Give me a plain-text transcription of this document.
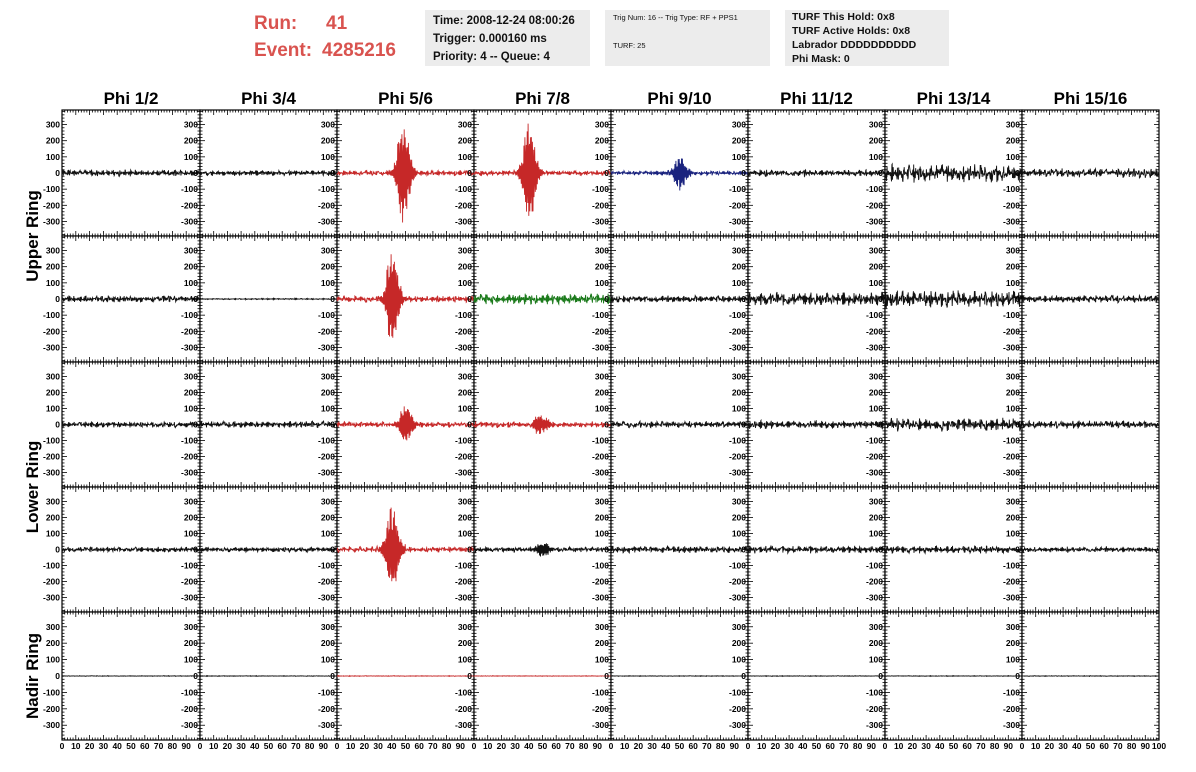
Run: 41
Event: 4285216
Time: 2008-12-24 08:00:26
Trigger: 0.000160 ms
Priority: 4 -- Queue: 4
Trig Num: 16 -- Trig Type: RF + PPS1
TURF: 25
TURF This Hold: 0x8
TURF Active Holds: 0x8
Labrador DDDDDDDDDD
Phi Mask: 0
Phi 1/2	Phi 3/4	Phi 5/6	Phi 7/8	Phi 9/10	Phi 11/12	Phi 13/14	Phi 15/16
Upper Ring
Lower Ring
Nadir Ring
300
200
100
0
-100
-200
-300
300
200
100
0
-100
-200
-300
300
200
100
0
-100
-200
-300
300
200
100
0
-100
-200
-300
300
200
100
0
-100
-200
-300
300
200
100
0
-100
-200
-300
300
200
100
0
-100
-200
-300
300
200
100
0
-100
-200
-300
300
200
100
0
-100
-200
-300
300
200
100
0
-100
-200
-300
300
200
100
0
-100
-200
-300
300
200
100
0
-100
-200
-300
300
200
100
0
-100
-200
-300
300
200
100
0
-100
-200
-300
300
200
100
0
-100
-200
-300
300
200
100
0
-100
-200
-300
300
200
100
0
-100
-200
-300
300
200
100
0
-100
-200
-300
300
200
100
0
-100
-200
-300
300
200
100
0
-100
-200
-300
300
200
100
0
-100
-200
-300
300
200
100
0
-100
-200
-300
300
200
100
0
-100
-200
-300
300
200
100
0
-100
-200
-300
300
200
100
0
-100
-200
-300
300
200
100
0
-100
-200
-300
300
200
100
0
-100
-200
-300
300
200
100
0
-100
-200
-300
300
200
100
0
-100
-200
-300
300
200
100
0
-100
-200
-300
300
200
100
0
-100
-200
-300
300
200
100
0
-100
-200
-300
300
200
100
0
-100
-200
-300
300
200
100
0
-100
-200
-300
300
200
100
0
-100
-200
-300
300
200
100
0
-100
-200
-300
300
200
100
0
-100
-200
-300
300
200
100
0
-100
-200
-300
300
200
100
0
-100
-200
-300
300
200
100
0
-100
-200
-300
0 10 20 30 40 50 60 70 80 90 0 10 20 30 40 50 60 70 80 90 0 10 20 30 40 50 60 70 80 90 0 10 20 30 40 50 60 70 80 90 0 10 20 30 40 50 60 70 80 90 0 10 20 30 40 50 60 70 80 90 0 10 20 30 40 50 60 70 80 90 0 10 20 30 40 50 60 70 80 90 100
